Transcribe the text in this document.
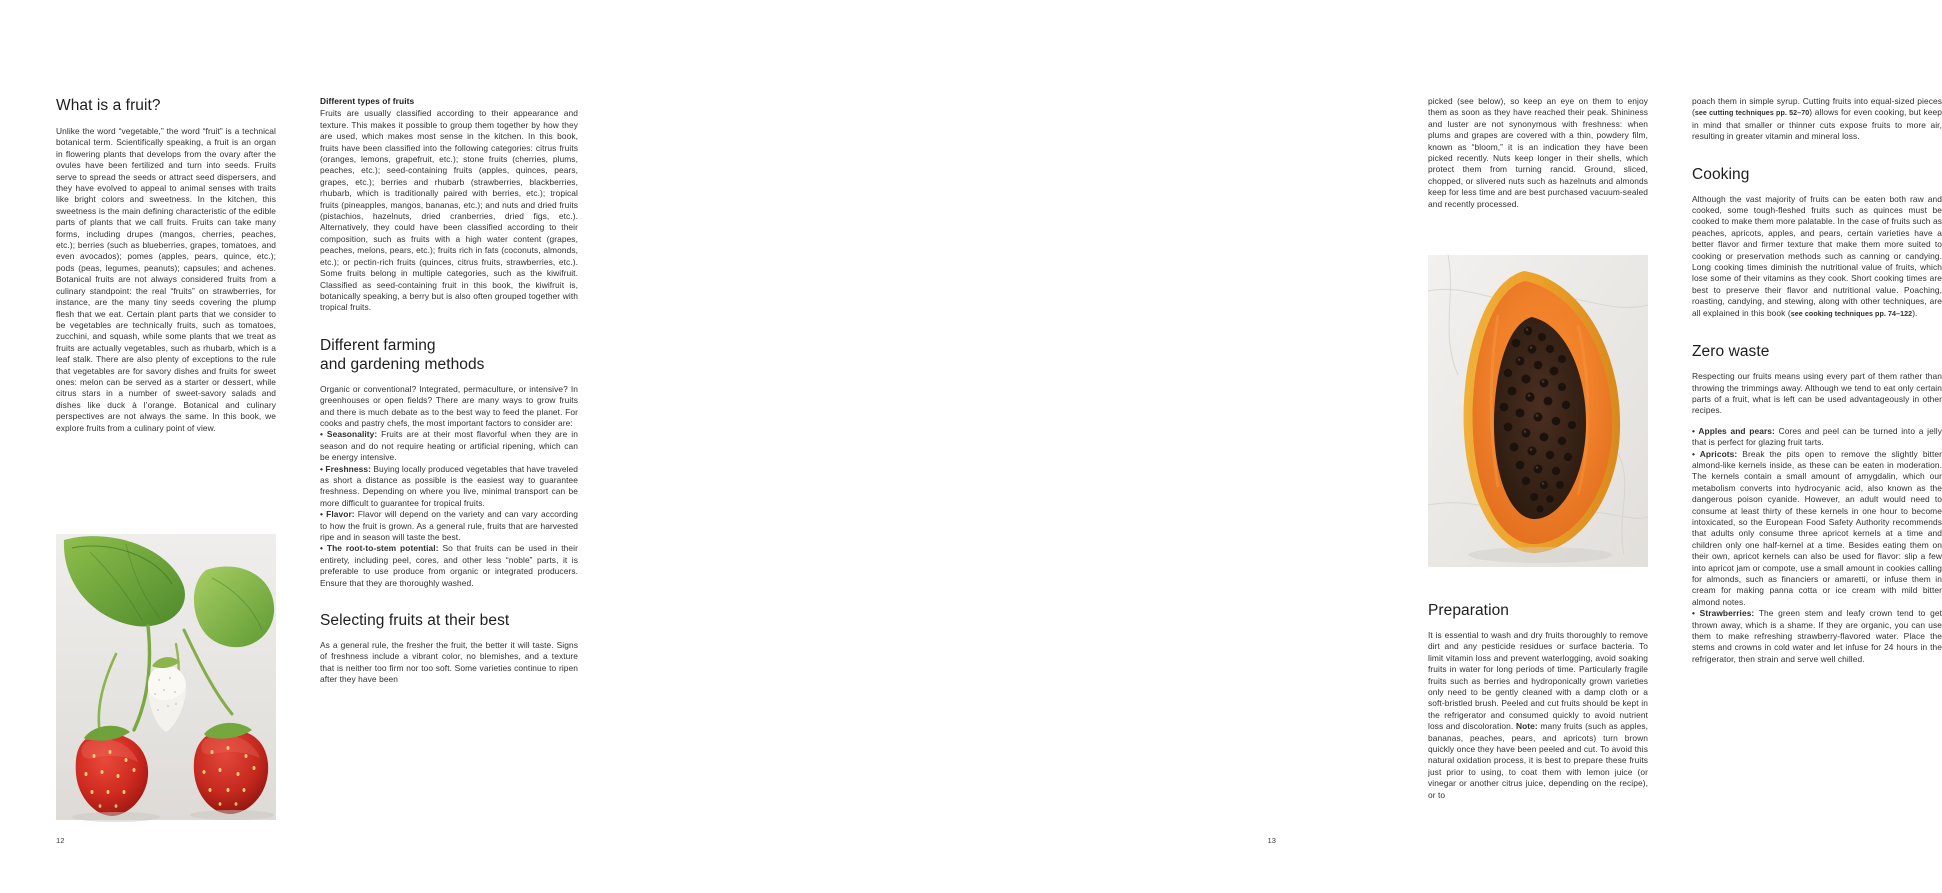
What is a fruit?

Unlike the word “vegetable,” the word “fruit” is a technical botanical term. Scientifically speaking, a fruit is an organ in flowering plants that develops from the ovary after the ovules have been fertilized and turn into seeds. Fruits serve to spread the seeds or attract seed dispersers, and they have evolved to appeal to animal senses with traits like bright colors and sweetness. In the kitchen, this sweetness is the main defining characteristic of the edible parts of plants that we call fruits. Fruits can take many forms, including drupes (mangos, cherries, peaches, etc.); berries (such as blueberries, grapes, tomatoes, and even avocados); pomes (apples, pears, quince, etc.); pods (peas, legumes, peanuts); capsules; and achenes. Botanical fruits are not always considered fruits from a culinary standpoint: the real “fruits” on strawberries, for instance, are the many tiny seeds covering the plump flesh that we eat. Certain plant parts that we consider to be vegetables are technically fruits, such as tomatoes, zucchini, and squash, while some plants that we treat as fruits are actually vegetables, such as rhubarb, which is a leaf stalk. There are also plenty of exceptions to the rule that vegetables are for savory dishes and fruits for sweet ones: melon can be served as a starter or dessert, while citrus stars in a number of sweet-savory salads and dishes like duck à l’orange. Botanical and culinary perspectives are not always the same. In this book, we explore fruits from a culinary point of view.

Different types of fruits

Fruits are usually classified according to their appearance and texture. This makes it possible to group them together by how they are used, which makes most sense in the kitchen. In this book, fruits have been classified into the following categories: citrus fruits (oranges, lemons, grapefruit, etc.); stone fruits (cherries, plums, peaches, etc.); seed-containing fruits (apples, quinces, pears, grapes, etc.); berries and rhubarb (strawberries, blackberries, rhubarb, which is traditionally paired with berries, etc.); tropical fruits (pineapples, mangos, bananas, etc.); and nuts and dried fruits (pistachios, hazelnuts, dried cranberries, dried figs, etc.). Alternatively, they could have been classified according to their composition, such as fruits with a high water content (grapes, peaches, melons, pears, etc.); fruits rich in fats (coconuts, almonds, etc.); or pectin-rich fruits (quinces, citrus fruits, strawberries, etc.). Some fruits belong in multiple categories, such as the kiwifruit. Classified as seed-containing fruit in this book, the kiwifruit is, botanically speaking, a berry but is also often grouped together with tropical fruits.

Different farming
and gardening methods

Organic or conventional? Integrated, permaculture, or intensive? In greenhouses or open fields? There are many ways to grow fruits and there is much debate as to the best way to feed the planet. For cooks and pastry chefs, the most important factors to consider are:

• Seasonality: Fruits are at their most flavorful when they are in season and do not require heating or artificial ripening, which can be energy intensive.

• Freshness: Buying locally produced vegetables that have traveled as short a distance as possible is the easiest way to guarantee freshness. Depending on where you live, minimal transport can be more difficult to guarantee for tropical fruits.

• Flavor: Flavor will depend on the variety and can vary according to how the fruit is grown. As a general rule, fruits that are harvested ripe and in season will taste the best.

• The root-to-stem potential: So that fruits can be used in their entirety, including peel, cores, and other less “noble” parts, it is preferable to use produce from organic or integrated producers. Ensure that they are thoroughly washed.

Selecting fruits at their best

As a general rule, the fresher the fruit, the better it will taste. Signs of freshness include a vibrant color, no blemishes, and a texture that is neither too firm nor too soft. Some varieties continue to ripen after they have been

12

picked (see below), so keep an eye on them to enjoy them as soon as they have reached their peak. Shininess and luster are not synonymous with freshness: when plums and grapes are covered with a thin, powdery film, known as “bloom,” it is an indication they have been picked recently. Nuts keep longer in their shells, which protect them from turning rancid. Ground, sliced, chopped, or slivered nuts such as hazelnuts and almonds keep for less time and are best purchased vacuum-sealed and recently processed.

Preparation

It is essential to wash and dry fruits thoroughly to remove dirt and any pesticide residues or surface bacteria. To limit vitamin loss and prevent waterlogging, avoid soaking fruits in water for long periods of time. Particularly fragile fruits such as berries and hydroponically grown varieties only need to be gently cleaned with a damp cloth or a soft-bristled brush. Peeled and cut fruits should be kept in the refrigerator and consumed quickly to avoid nutrient loss and discoloration. Note: many fruits (such as apples, bananas, peaches, pears, and apricots) turn brown quickly once they have been peeled and cut. To avoid this natural oxidation process, it is best to prepare these fruits just prior to using, to coat them with lemon juice (or vinegar or another citrus juice, depending on the recipe), or to

poach them in simple syrup. Cutting fruits into equal-sized pieces (see cutting techniques pp. 52–70) allows for even cooking, but keep in mind that smaller or thinner cuts expose fruits to more air, resulting in greater vitamin and mineral loss.

Cooking

Although the vast majority of fruits can be eaten both raw and cooked, some tough-fleshed fruits such as quinces must be cooked to make them more palatable. In the case of fruits such as peaches, apricots, apples, and pears, certain varieties have a better flavor and firmer texture that make them more suited to cooking or preservation methods such as canning or candying. Long cooking times diminish the nutritional value of fruits, which lose some of their vitamins as they cook. Short cooking times are best to preserve their flavor and nutritional value. Poaching, roasting, candying, and stewing, along with other techniques, are all explained in this book (see cooking techniques pp. 74–122).

Zero waste

Respecting our fruits means using every part of them rather than throwing the trimmings away. Although we tend to eat only certain parts of a fruit, what is left can be used advantageously in other recipes.

• Apples and pears: Cores and peel can be turned into a jelly that is perfect for glazing fruit tarts.

• Apricots: Break the pits open to remove the slightly bitter almond-like kernels inside, as these can be eaten in moderation. The kernels contain a small amount of amygdalin, which our metabolism converts into hydrocyanic acid, also known as the dangerous poison cyanide. However, an adult would need to consume at least thirty of these kernels in one hour to become intoxicated, so the European Food Safety Authority recommends that adults only consume three apricot kernels at a time and children only one half-kernel at a time. Besides eating them on their own, apricot kernels can also be used for flavor: slip a few into apricot jam or compote, use a small amount in cookies calling for almonds, such as financiers or amaretti, or infuse them in cream for making panna cotta or ice cream with mild bitter almond notes.

• Strawberries: The green stem and leafy crown tend to get thrown away, which is a shame. If they are organic, you can use them to make refreshing strawberry-flavored water. Place the stems and crowns in cold water and let infuse for 24 hours in the refrigerator, then strain and serve well chilled.

13
